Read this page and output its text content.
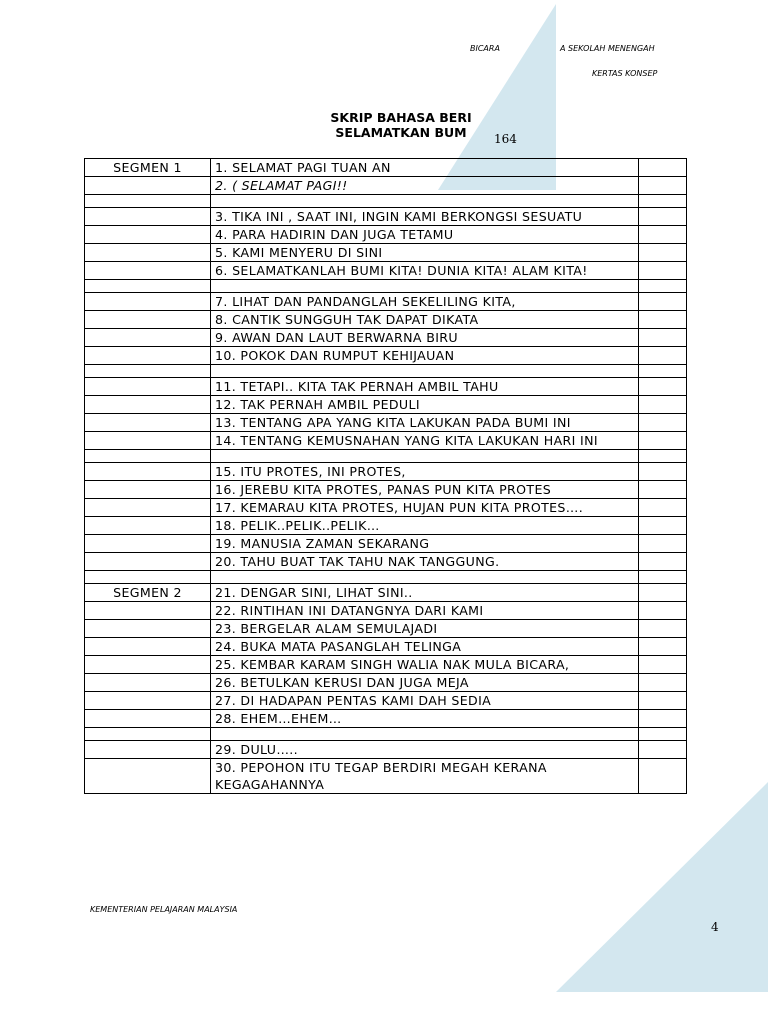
BICARA	A SEKOLAH MENENGAH
KERTAS KONSEP
SKRIP BAHASA BERI
SELAMATKAN BUM	164
SEGMEN 1	1. SELAMAT PAGI TUAN AN	
	2. ( SELAMAT PAGI!!	

	3. TIKA INI , SAAT INI, INGIN KAMI BERKONGSI SESUATU	
	4. PARA HADIRIN DAN JUGA TETAMU	
	5. KAMI MENYERU DI SINI	
	6. SELAMATKANLAH BUMI KITA! DUNIA KITA! ALAM KITA!	

	7. LIHAT DAN PANDANGLAH SEKELILING KITA,	
	8. CANTIK SUNGGUH TAK DAPAT DIKATA	
	9. AWAN DAN LAUT BERWARNA BIRU	
	10. POKOK DAN RUMPUT KEHIJAUAN	

	11. TETAPI.. KITA TAK PERNAH AMBIL TAHU	
	12. TAK PERNAH AMBIL PEDULI	
	13. TENTANG APA YANG KITA LAKUKAN PADA BUMI INI	
	14. TENTANG KEMUSNAHAN YANG KITA LAKUKAN HARI INI	

	15. ITU PROTES, INI PROTES,	
	16. JEREBU KITA PROTES, PANAS PUN KITA PROTES	
	17. KEMARAU KITA PROTES, HUJAN PUN KITA PROTES….	
	18. PELIK..PELIK..PELIK…	
	19. MANUSIA ZAMAN SEKARANG	
	20. TAHU BUAT TAK TAHU NAK TANGGUNG.	

SEGMEN 2	21. DENGAR SINI, LIHAT SINI..	
	22. RINTIHAN INI DATANGNYA DARI KAMI	
	23. BERGELAR ALAM SEMULAJADI	
	24. BUKA MATA PASANGLAH TELINGA	
	25. KEMBAR KARAM SINGH WALIA NAK MULA BICARA,	
	26. BETULKAN KERUSI DAN JUGA MEJA	
	27. DI HADAPAN PENTAS KAMI DAH SEDIA	
	28. EHEM…EHEM…	

	29. DULU…..	
	30. PEPOHON ITU TEGAP BERDIRI MEGAH KERANA KEGAGAHANNYA	
KEMENTERIAN PELAJARAN MALAYSIA
4
